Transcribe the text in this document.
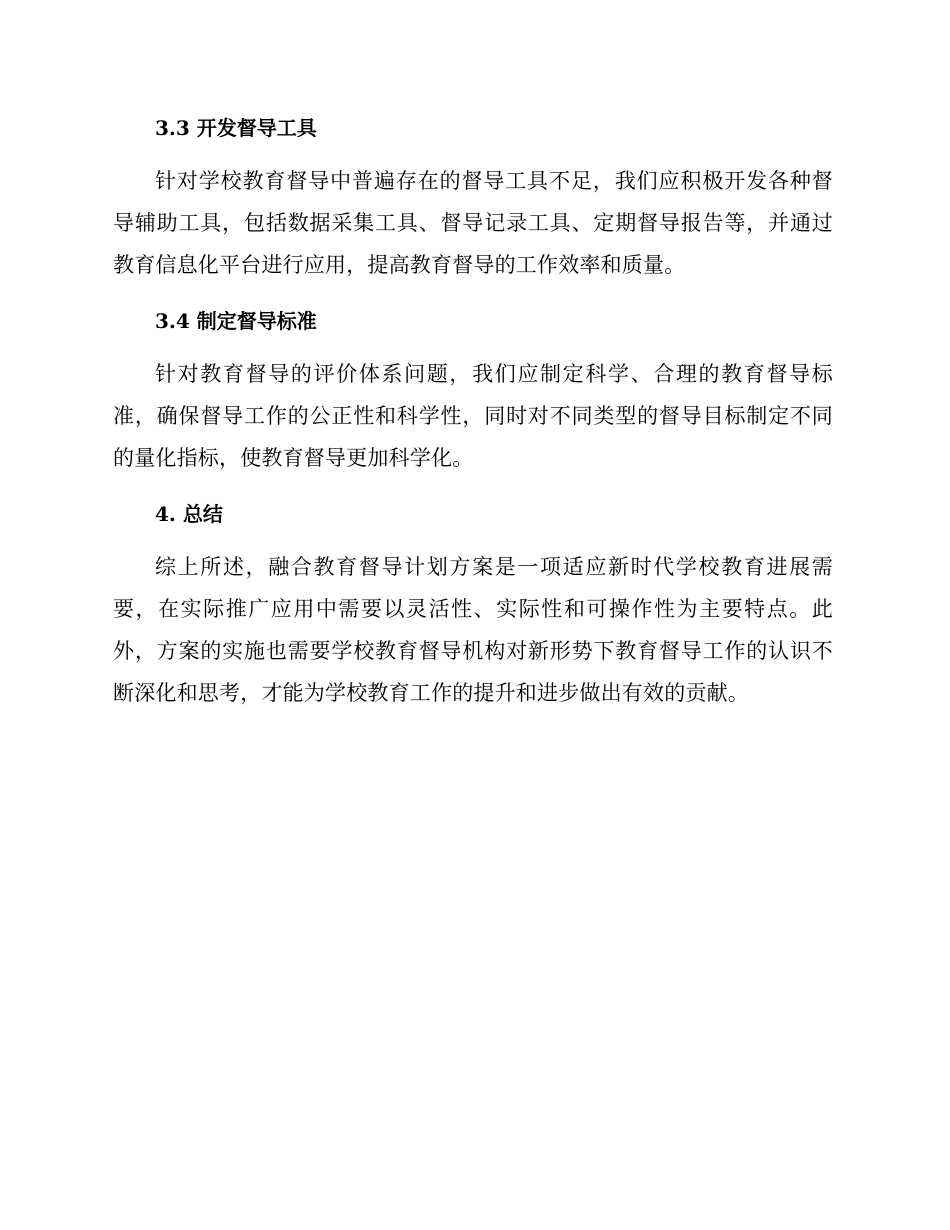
3.3 开发督导工具

针对学校教育督导中普遍存在的督导工具不足，我们应积极开发各种督导辅助工具，包括数据采集工具、督导记录工具、定期督导报告等，并通过教育信息化平台进行应用，提高教育督导的工作效率和质量。

3.4 制定督导标准

针对教育督导的评价体系问题，我们应制定科学、合理的教育督导标准，确保督导工作的公正性和科学性，同时对不同类型的督导目标制定不同的量化指标，使教育督导更加科学化。

4. 总结

综上所述，融合教育督导计划方案是一项适应新时代学校教育进展需要，在实际推广应用中需要以灵活性、实际性和可操作性为主要特点。此外，方案的实施也需要学校教育督导机构对新形势下教育督导工作的认识不断深化和思考，才能为学校教育工作的提升和进步做出有效的贡献。
